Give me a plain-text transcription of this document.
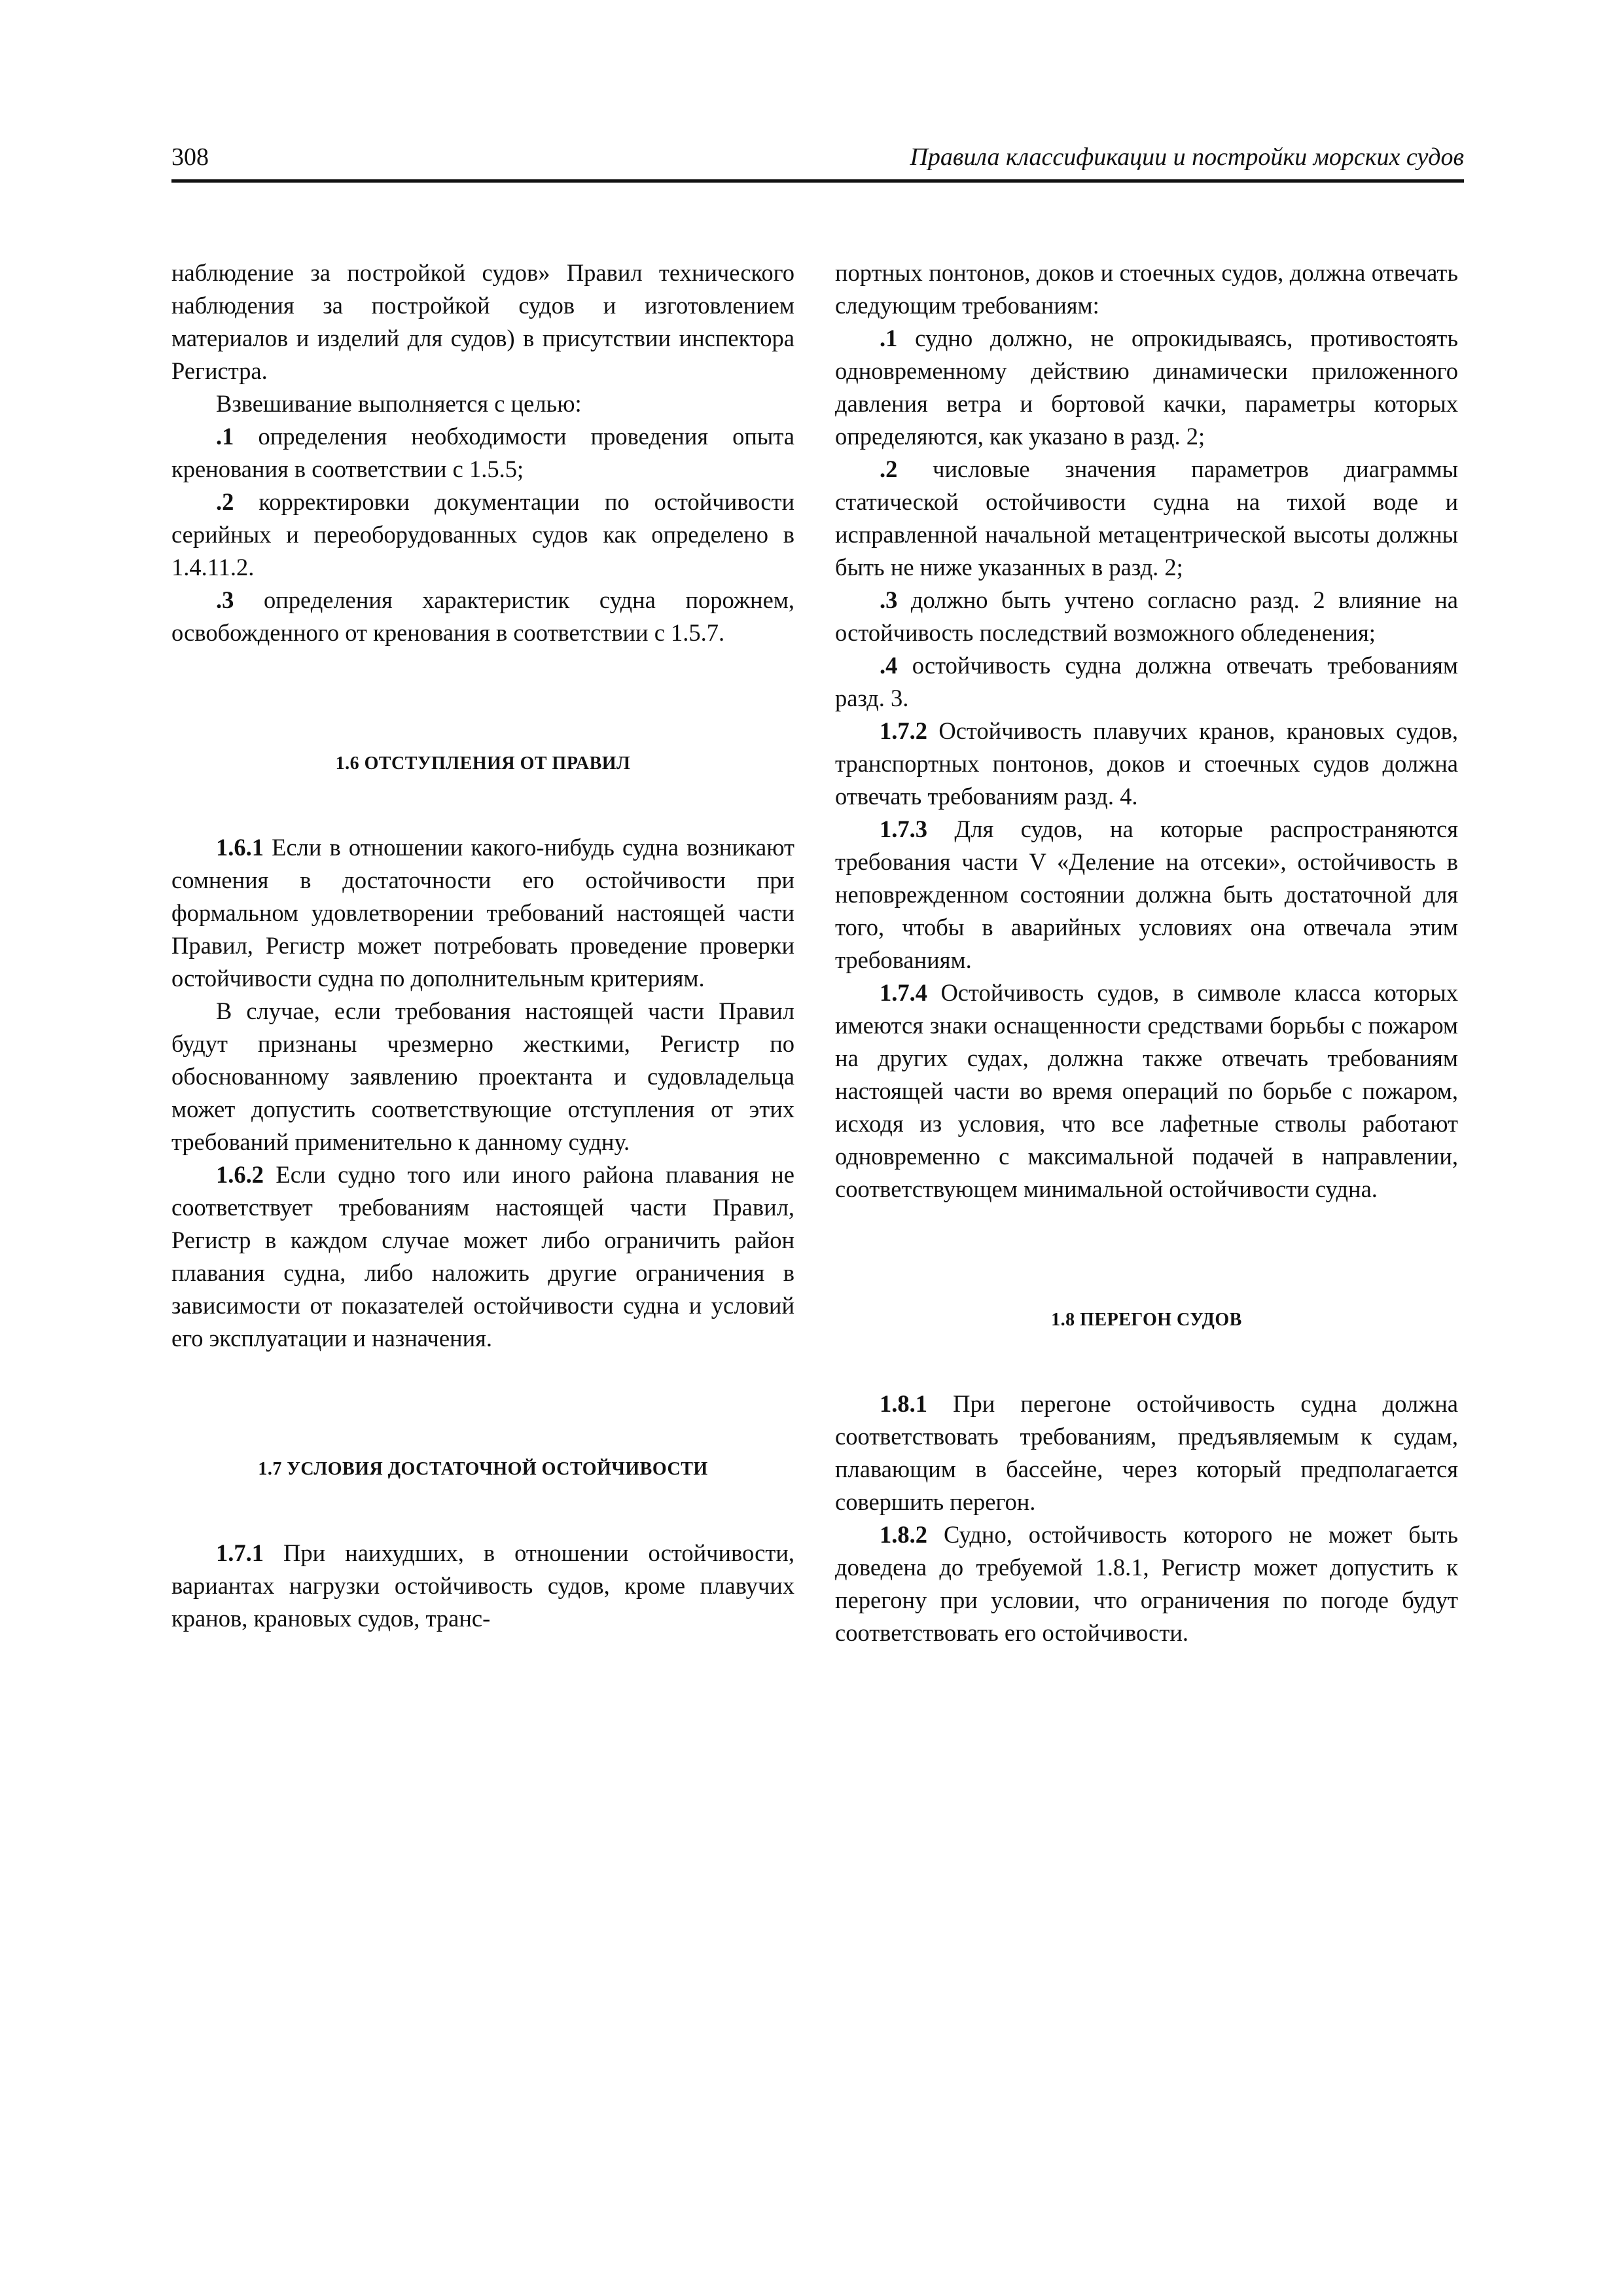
308	Правила классификации и постройки морских судов

наблюдение за постройкой судов» Правил технического наблюдения за постройкой судов и изготовлением материалов и изделий для судов) в присутствии инспектора Регистра.

Взвешивание выполняется с целью:

.1 определения необходимости проведения опыта кренования в соответствии с 1.5.5;

.2 корректировки документации по остойчивости серийных и переоборудованных судов как определено в 1.4.11.2.

.3 определения характеристик судна порожнем, освобожденного от кренования в соответствии с 1.5.7.

1.6 ОТСТУПЛЕНИЯ ОТ ПРАВИЛ

1.6.1 Если в отношении какого-нибудь судна возникают сомнения в достаточности его остойчивости при формальном удовлетворении требований настоящей части Правил, Регистр может потребовать проведение проверки остойчивости судна по дополнительным критериям.

В случае, если требования настоящей части Правил будут признаны чрезмерно жесткими, Регистр по обоснованному заявлению проектанта и судовладельца может допустить соответствующие отступления от этих требований применительно к данному судну.

1.6.2 Если судно того или иного района плавания не соответствует требованиям настоящей части Правил, Регистр в каждом случае может либо ограничить район плавания судна, либо наложить другие ограничения в зависимости от показателей остойчивости судна и условий его эксплуатации и назначения.

1.7 УСЛОВИЯ ДОСТАТОЧНОЙ ОСТОЙЧИВОСТИ

1.7.1 При наихудших, в отношении остойчивости, вариантах нагрузки остойчивость судов, кроме плавучих кранов, крановых судов, транс-

портных понтонов, доков и стоечных судов, должна отвечать следующим требованиям:

.1 судно должно, не опрокидываясь, противостоять одновременному действию динамически приложенного давления ветра и бортовой качки, параметры которых определяются, как указано в разд. 2;

.2 числовые значения параметров диаграммы статической остойчивости судна на тихой воде и исправленной начальной метацентрической высоты должны быть не ниже указанных в разд. 2;

.3 должно быть учтено согласно разд. 2 влияние на остойчивость последствий возможного обледенения;

.4 остойчивость судна должна отвечать требованиям разд. 3.

1.7.2 Остойчивость плавучих кранов, крановых судов, транспортных понтонов, доков и стоечных судов должна отвечать требованиям разд. 4.

1.7.3 Для судов, на которые распространяются требования части V «Деление на отсеки», остойчивость в неповрежденном состоянии должна быть достаточной для того, чтобы в аварийных условиях она отвечала этим требованиям.

1.7.4 Остойчивость судов, в символе класса которых имеются знаки оснащенности средствами борьбы с пожаром на других судах, должна также отвечать требованиям настоящей части во время операций по борьбе с пожаром, исходя из условия, что все лафетные стволы работают одновременно с максимальной подачей в направлении, соответствующем минимальной остойчивости судна.

1.8 ПЕРЕГОН СУДОВ

1.8.1 При перегоне остойчивость судна должна соответствовать требованиям, предъявляемым к судам, плавающим в бассейне, через который предполагается совершить перегон.

1.8.2 Судно, остойчивость которого не может быть доведена до требуемой 1.8.1, Регистр может допустить к перегону при условии, что ограничения по погоде будут соответствовать его остойчивости.
